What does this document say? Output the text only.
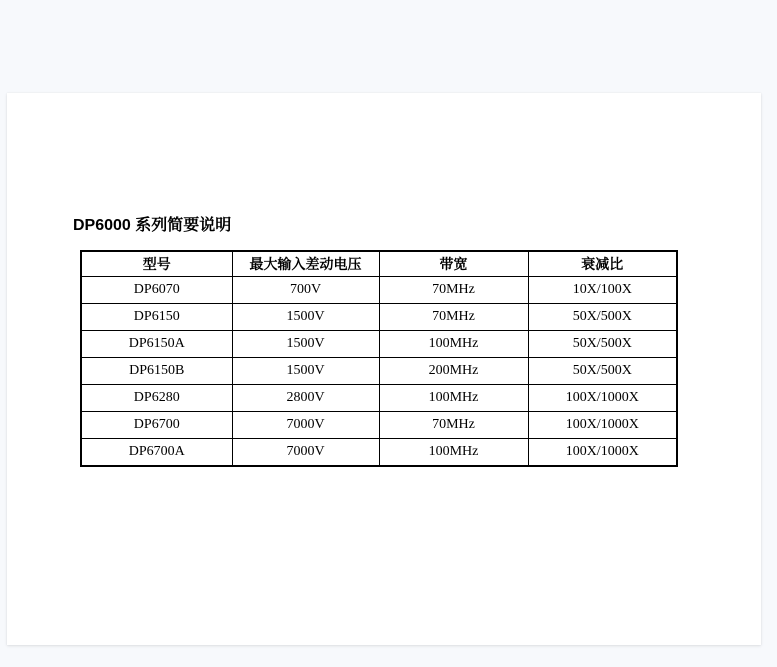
DP6000 系列简要说明
型号	最大输入差动电压	带宽	衰减比
DP6070	700V	70MHz	10X/100X
DP6150	1500V	70MHz	50X/500X
DP6150A	1500V	100MHz	50X/500X
DP6150B	1500V	200MHz	50X/500X
DP6280	2800V	100MHz	100X/1000X
DP6700	7000V	70MHz	100X/1000X
DP6700A	7000V	100MHz	100X/1000X
